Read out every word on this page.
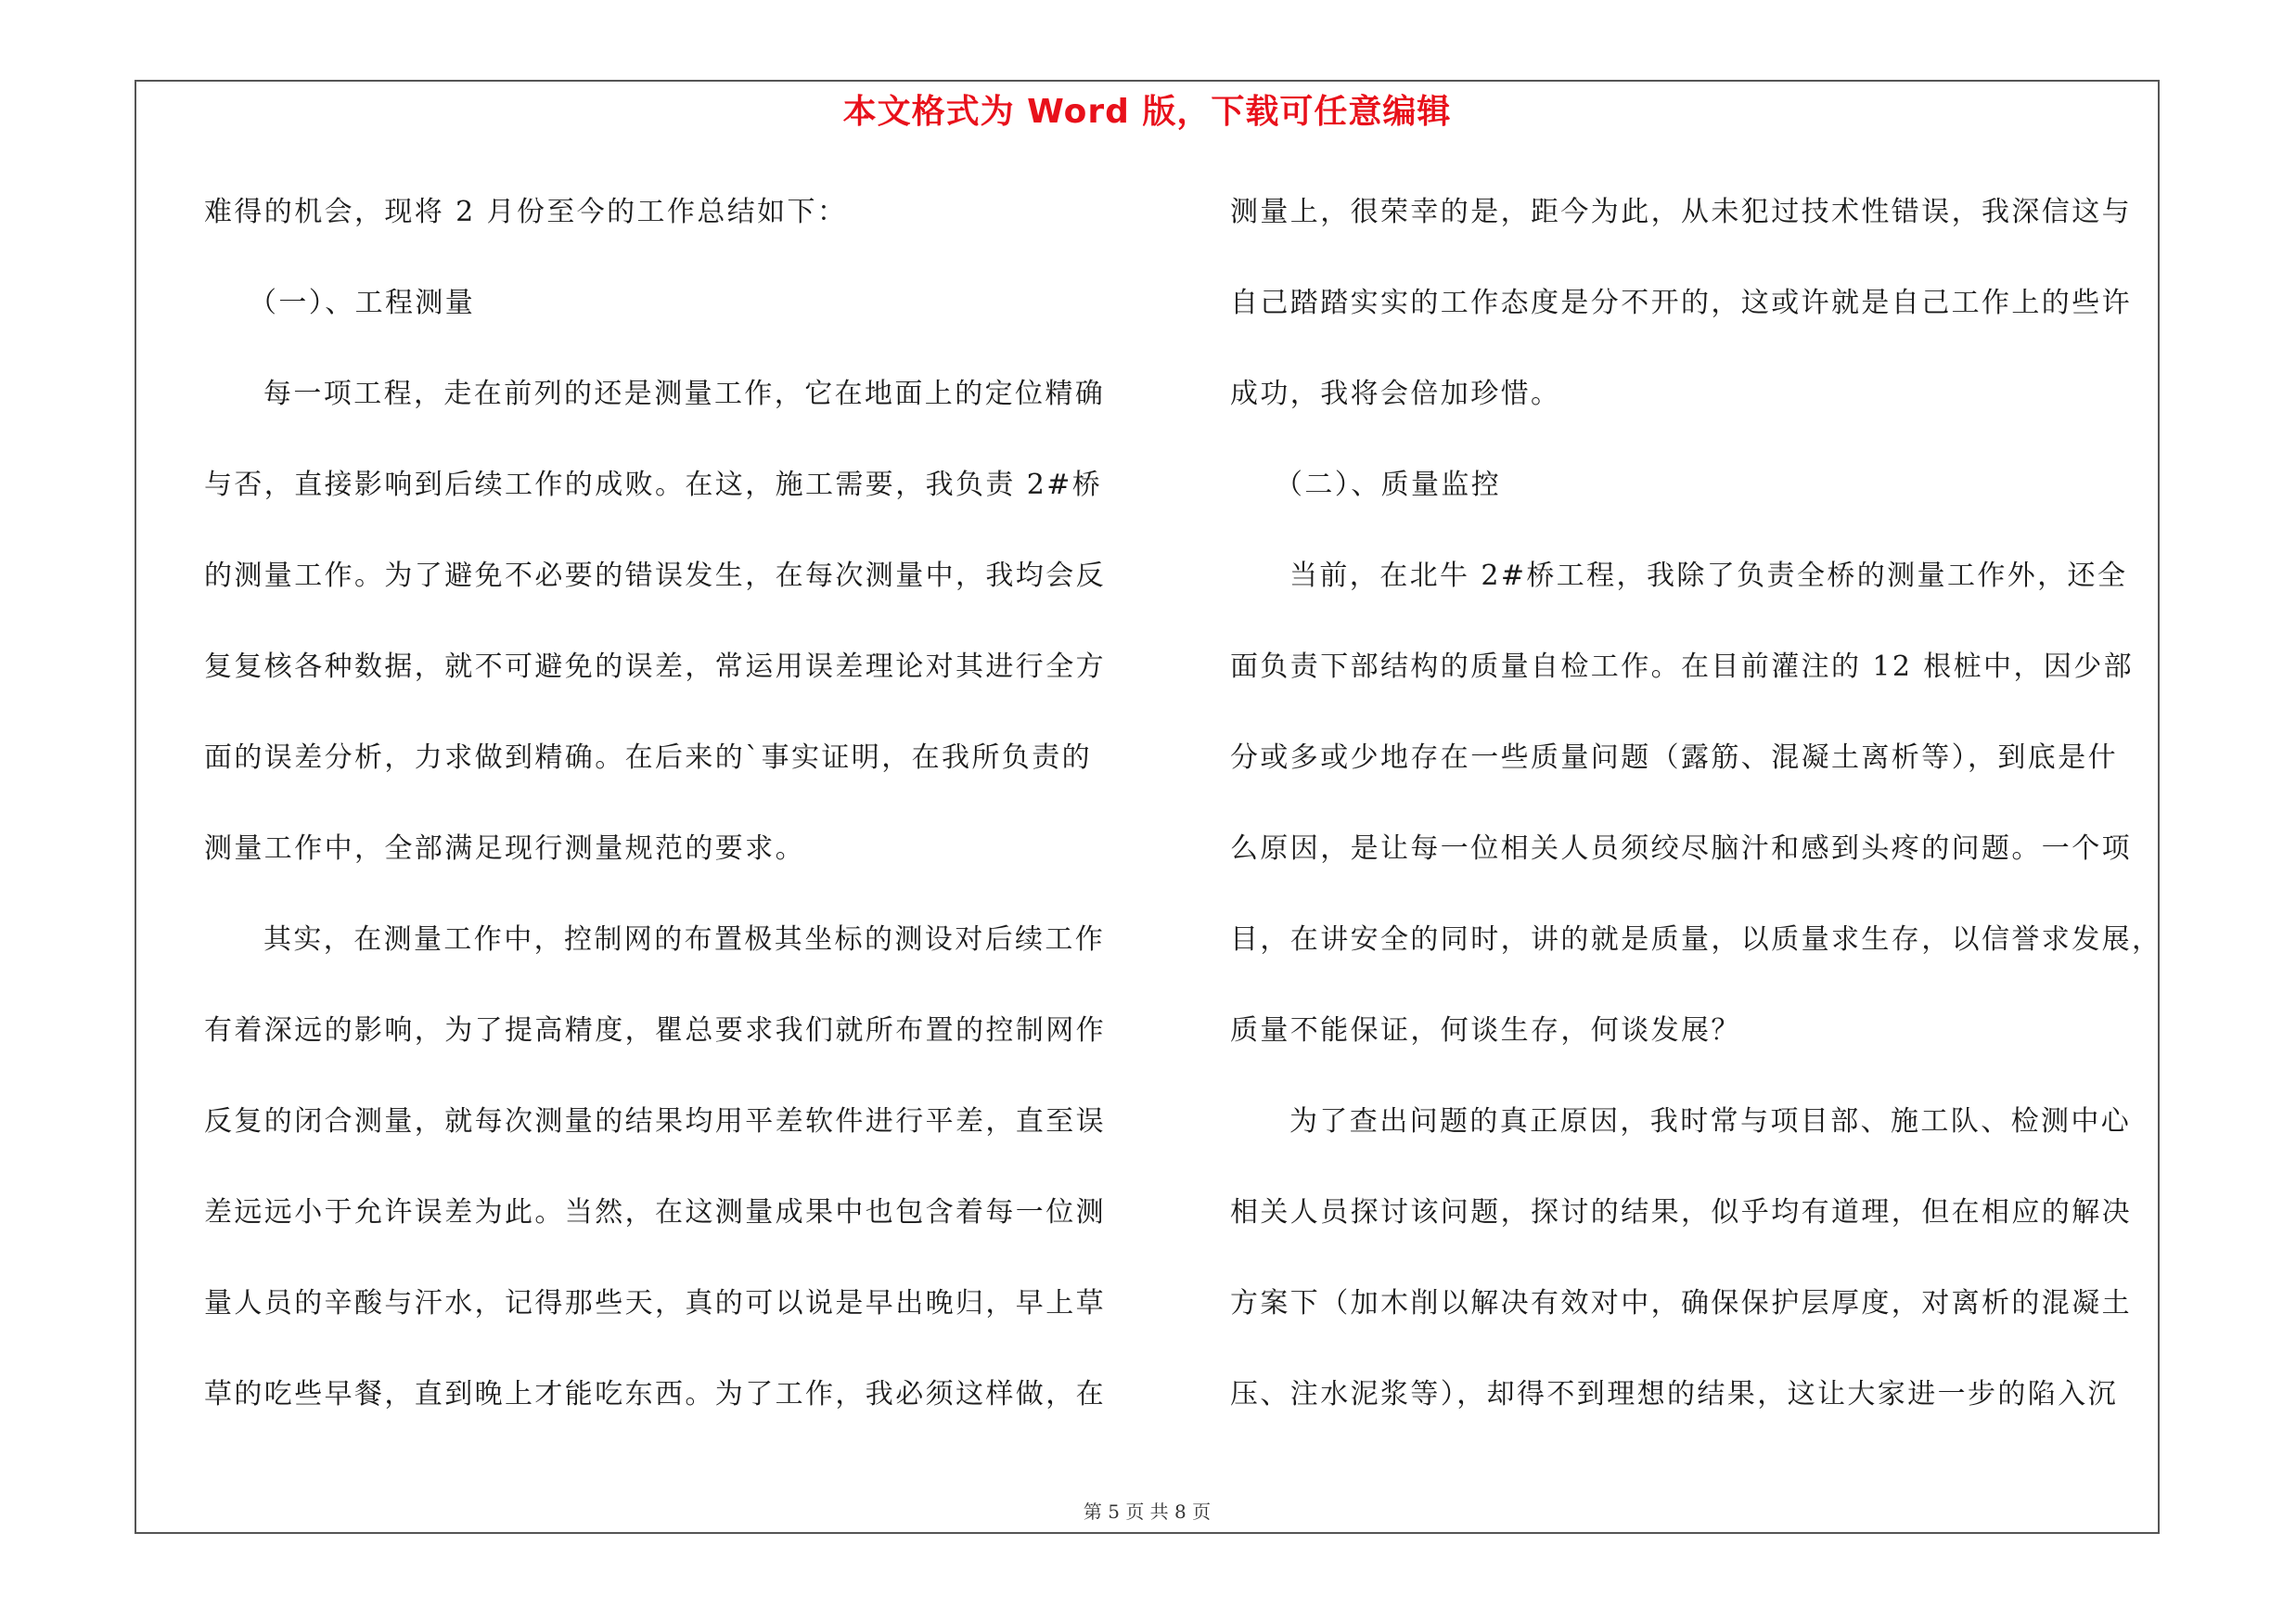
本文格式为 Word 版，下载可任意编辑
难得的机会，现将 2 月份至今的工作总结如下：
（一）、工程测量
每一项工程，走在前列的还是测量工作，它在地面上的定位精确
与否，直接影响到后续工作的成败。在这，施工需要，我负责 2#桥
的测量工作。为了避免不必要的错误发生，在每次测量中，我均会反
复复核各种数据，就不可避免的误差，常运用误差理论对其进行全方
面的误差分析，力求做到精确。在后来的`事实证明，在我所负责的
测量工作中，全部满足现行测量规范的要求。
其实，在测量工作中，控制网的布置极其坐标的测设对后续工作
有着深远的影响，为了提高精度，瞿总要求我们就所布置的控制网作
反复的闭合测量，就每次测量的结果均用平差软件进行平差，直至误
差远远小于允许误差为此。当然，在这测量成果中也包含着每一位测
量人员的辛酸与汗水，记得那些天，真的可以说是早出晚归，早上草
草的吃些早餐，直到晚上才能吃东西。为了工作，我必须这样做，在
测量上，很荣幸的是，距今为此，从未犯过技术性错误，我深信这与
自己踏踏实实的工作态度是分不开的，这或许就是自己工作上的些许
成功，我将会倍加珍惜。
（二）、质量监控
当前，在北牛 2#桥工程，我除了负责全桥的测量工作外，还全
面负责下部结构的质量自检工作。在目前灌注的 12 根桩中，因少部
分或多或少地存在一些质量问题（露筋、混凝土离析等），到底是什
么原因，是让每一位相关人员须绞尽脑汁和感到头疼的问题。一个项
目，在讲安全的同时，讲的就是质量，以质量求生存，以信誉求发展，
质量不能保证，何谈生存，何谈发展？
为了查出问题的真正原因，我时常与项目部、施工队、检测中心
相关人员探讨该问题，探讨的结果，似乎均有道理，但在相应的解决
方案下（加木削以解决有效对中，确保保护层厚度，对离析的混凝土
压、注水泥浆等），却得不到理想的结果，这让大家进一步的陷入沉
第 5 页 共 8 页
